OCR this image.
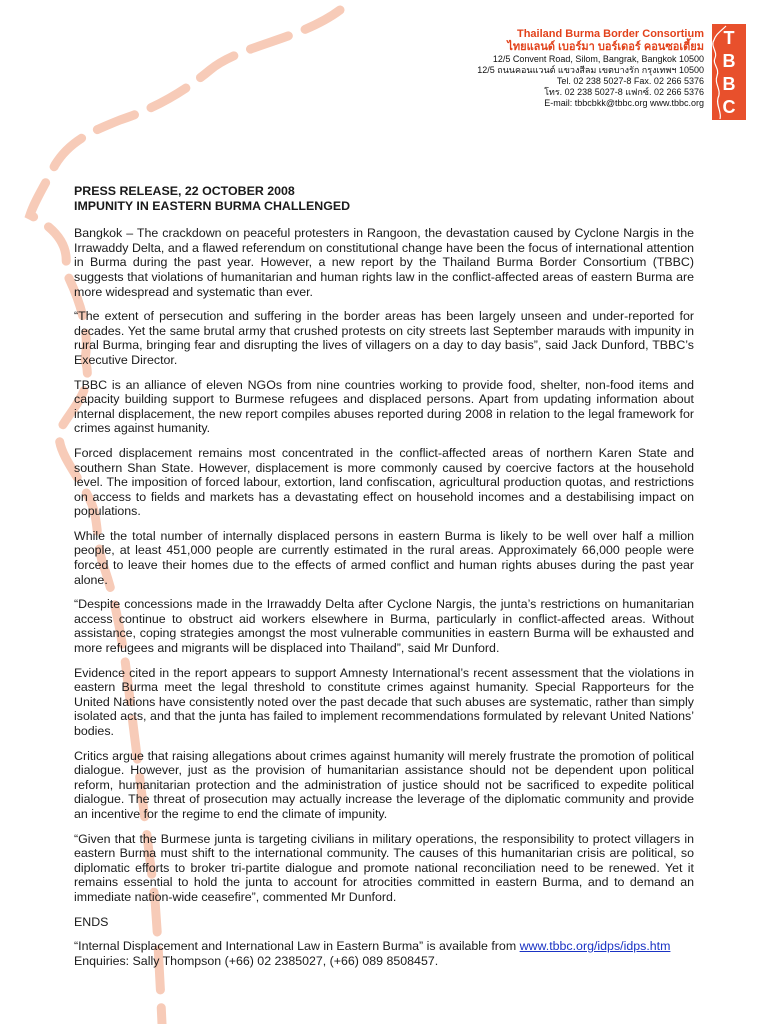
Thailand Burma Border Consortium
ไทยแลนด์ เบอร์มา บอร์เดอร์ คอนซอเตี้ยม
12/5 Convent Road, Silom, Bangrak, Bangkok 10500
12/5 ถนนคอนแวนต์ แขวงสีลม เขตบางรัก กรุงเทพฯ 10500
Tel. 02 238 5027-8 Fax. 02 266 5376
โทร. 02 238 5027-8 แฟกซ์. 02 266 5376
E-mail: tbbcbkk@tbbc.org www.tbbc.org
T
B
B
C
PRESS RELEASE, 22 OCTOBER 2008
IMPUNITY IN EASTERN BURMA CHALLENGED

Bangkok – The crackdown on peaceful protesters in Rangoon, the devastation caused by Cyclone Nargis in the Irrawaddy Delta, and a flawed referendum on constitutional change have been the focus of international attention in Burma during the past year. However, a new report by the Thailand Burma Border Consortium (TBBC) suggests that violations of humanitarian and human rights law in the conflict-affected areas of eastern Burma are more widespread and systematic than ever.

“The extent of persecution and suffering in the border areas has been largely unseen and under-reported for decades. Yet the same brutal army that crushed protests on city streets last September marauds with impunity in rural Burma, bringing fear and disrupting the lives of villagers on a day to day basis”, said Jack Dunford, TBBC’s Executive Director.

TBBC is an alliance of eleven NGOs from nine countries working to provide food, shelter, non-food items and capacity building support to Burmese refugees and displaced persons. Apart from updating information about internal displacement, the new report compiles abuses reported during 2008 in relation to the legal framework for crimes against humanity.

Forced displacement remains most concentrated in the conflict-affected areas of northern Karen State and southern Shan State. However, displacement is more commonly caused by coercive factors at the household level. The imposition of forced labour, extortion, land confiscation, agricultural production quotas, and restrictions on access to fields and markets has a devastating effect on household incomes and a destabilising impact on populations.

While the total number of internally displaced persons in eastern Burma is likely to be well over half a million people, at least 451,000 people are currently estimated in the rural areas. Approximately 66,000 people were forced to leave their homes due to the effects of armed conflict and human rights abuses during the past year alone.

“Despite concessions made in the Irrawaddy Delta after Cyclone Nargis, the junta’s restrictions on humanitarian access continue to obstruct aid workers elsewhere in Burma, particularly in conflict-affected areas. Without assistance, coping strategies amongst the most vulnerable communities in eastern Burma will be exhausted and more refugees and migrants will be displaced into Thailand”, said Mr Dunford.

Evidence cited in the report appears to support Amnesty International’s recent assessment that the violations in eastern Burma meet the legal threshold to constitute crimes against humanity. Special Rapporteurs for the United Nations have consistently noted over the past decade that such abuses are systematic, rather than simply isolated acts, and that the junta has failed to implement recommendations formulated by relevant United Nations’ bodies.

Critics argue that raising allegations about crimes against humanity will merely frustrate the promotion of political dialogue. However, just as the provision of humanitarian assistance should not be dependent upon political reform, humanitarian protection and the administration of justice should not be sacrificed to expedite political dialogue. The threat of prosecution may actually increase the leverage of the diplomatic community and provide an incentive for the regime to end the climate of impunity.

“Given that the Burmese junta is targeting civilians in military operations, the responsibility to protect villagers in eastern Burma must shift to the international community. The causes of this humanitarian crisis are political, so diplomatic efforts to broker tri-partite dialogue and promote national reconciliation need to be renewed. Yet it remains essential to hold the junta to account for atrocities committed in eastern Burma, and to demand an immediate nation-wide ceasefire”, commented Mr Dunford.

ENDS

“Internal Displacement and International Law in Eastern Burma” is available from www.tbbc.org/idps/idps.htm
Enquiries: Sally Thompson (+66) 02 2385027, (+66) 089 8508457.
